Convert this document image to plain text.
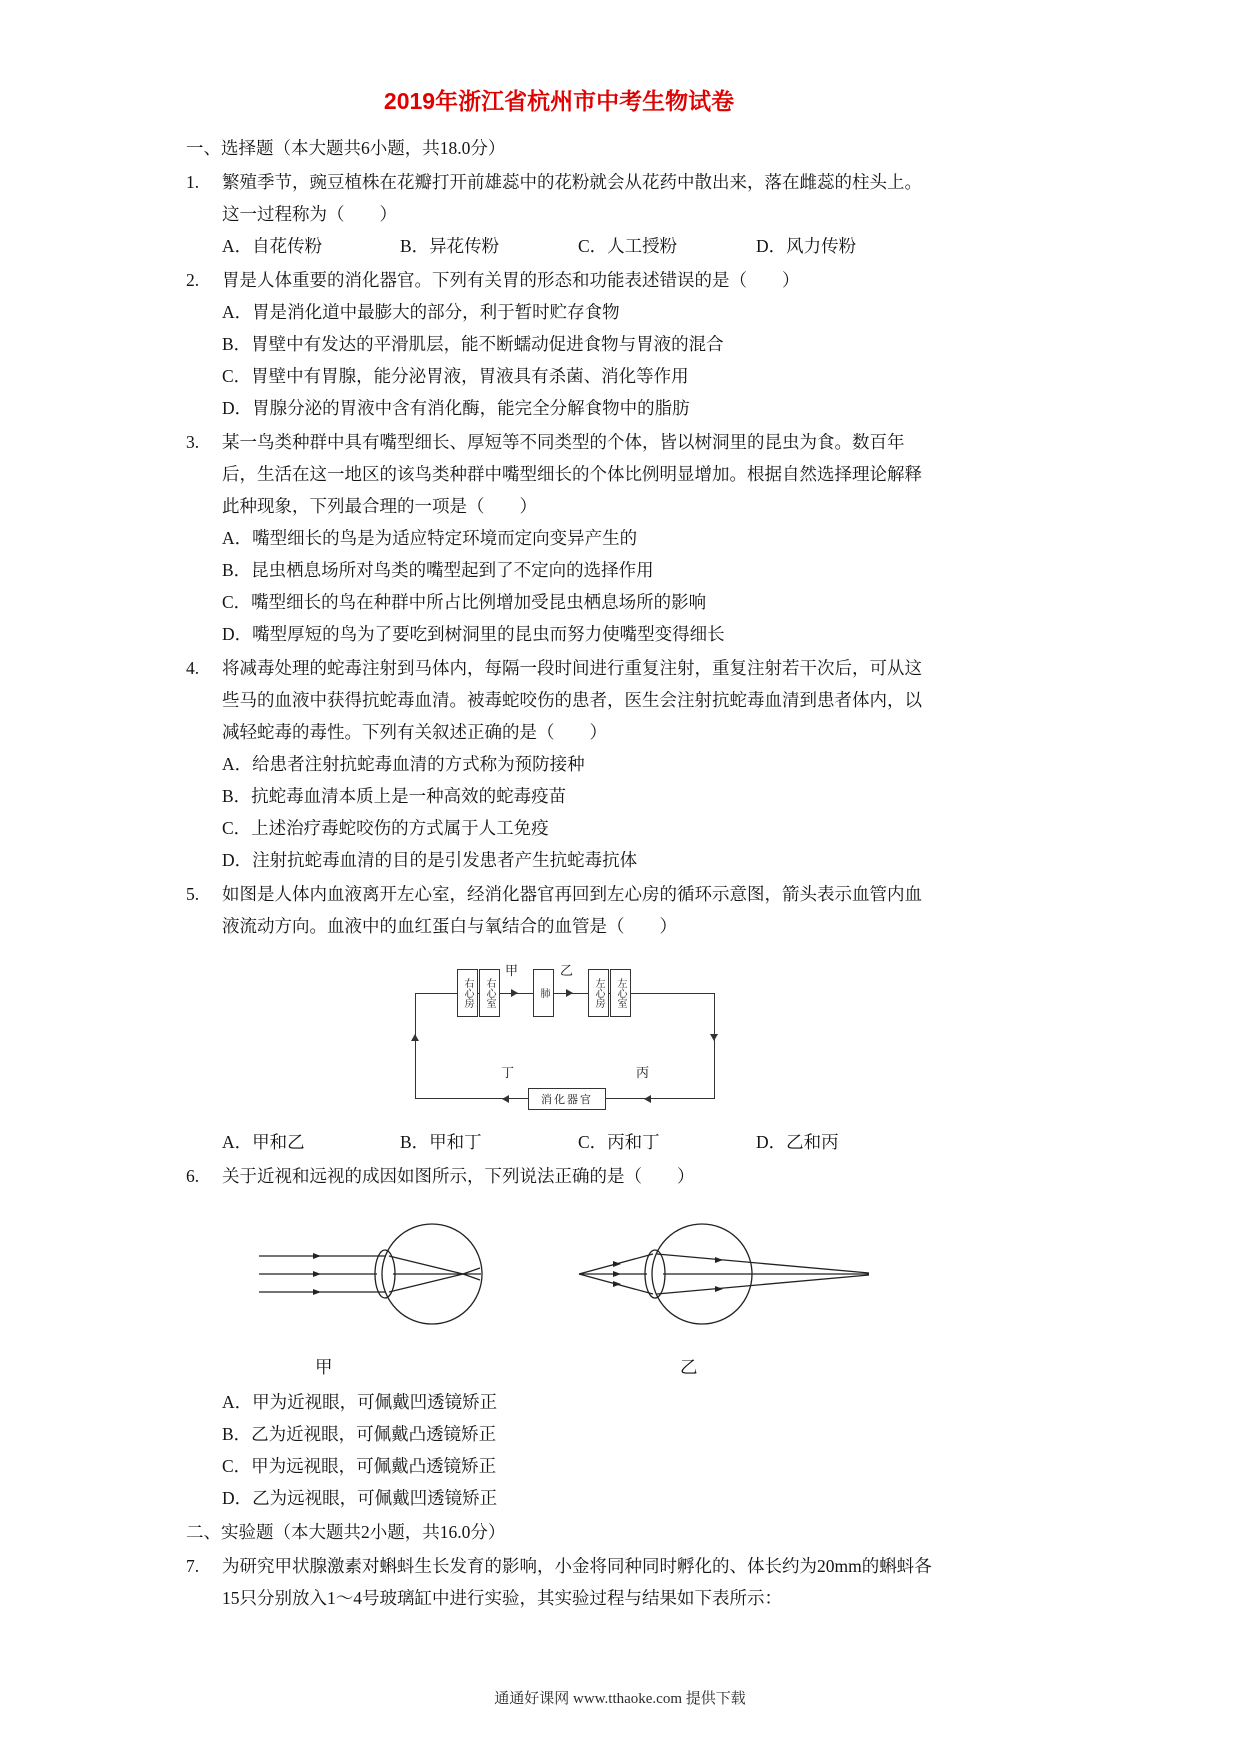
2019年浙江省杭州市中考生物试卷
一、选择题（本大题共6小题，共18.0分）
1.	繁殖季节，豌豆植株在花瓣打开前雄蕊中的花粉就会从花药中散出来，落在雌蕊的柱头上。这一过程称为（　　）

A．自花传粉	B．异花传粉	C．人工授粉	D．风力传粉
2.	胃是人体重要的消化器官。下列有关胃的形态和功能表述错误的是（　　）

A．胃是消化道中最膨大的部分，利于暂时贮存食物
B．胃壁中有发达的平滑肌层，能不断蠕动促进食物与胃液的混合
C．胃壁中有胃腺，能分泌胃液，胃液具有杀菌、消化等作用
D．胃腺分泌的胃液中含有消化酶，能完全分解食物中的脂肪
3.	某一鸟类种群中具有嘴型细长、厚短等不同类型的个体，皆以树洞里的昆虫为食。数百年后，生活在这一地区的该鸟类种群中嘴型细长的个体比例明显增加。根据自然选择理论解释此种现象，下列最合理的一项是（　　）

A．嘴型细长的鸟是为适应特定环境而定向变异产生的
B．昆虫栖息场所对鸟类的嘴型起到了不定向的选择作用
C．嘴型细长的鸟在种群中所占比例增加受昆虫栖息场所的影响
D．嘴型厚短的鸟为了要吃到树洞里的昆虫而努力使嘴型变得细长
4.	将减毒处理的蛇毒注射到马体内，每隔一段时间进行重复注射，重复注射若干次后，可从这些马的血液中获得抗蛇毒血清。被毒蛇咬伤的患者，医生会注射抗蛇毒血清到患者体内，以减轻蛇毒的毒性。下列有关叙述正确的是（　　）

A．给患者注射抗蛇毒血清的方式称为预防接种
B．抗蛇毒血清本质上是一种高效的蛇毒疫苗
C．上述治疗毒蛇咬伤的方式属于人工免疫
D．注射抗蛇毒血清的目的是引发患者产生抗蛇毒抗体
5.	如图是人体内血液离开左心室，经消化器官再回到左心房的循环示意图，箭头表示血管内血液流动方向。血液中的血红蛋白与氧结合的血管是（　　）

右心房	右心室
甲
肺
乙
左心房	左心室
丁	丙
消化器官
A．甲和乙	B．甲和丁	C．丙和丁	D．乙和丙
6.	关于近视和远视的成因如图所示，下列说法正确的是（　　）

甲	乙
A．甲为近视眼，可佩戴凹透镜矫正
B．乙为近视眼，可佩戴凸透镜矫正
C．甲为远视眼，可佩戴凸透镜矫正
D．乙为远视眼，可佩戴凹透镜矫正
二、实验题（本大题共2小题，共16.0分）
7.	为研究甲状腺激素对蝌蚪生长发育的影响，小金将同种同时孵化的、体长约为20mm的蝌蚪各15只分别放入1～4号玻璃缸中进行实验，其实验过程与结果如下表所示：

通通好课网 www.tthaoke.com 提供下载
